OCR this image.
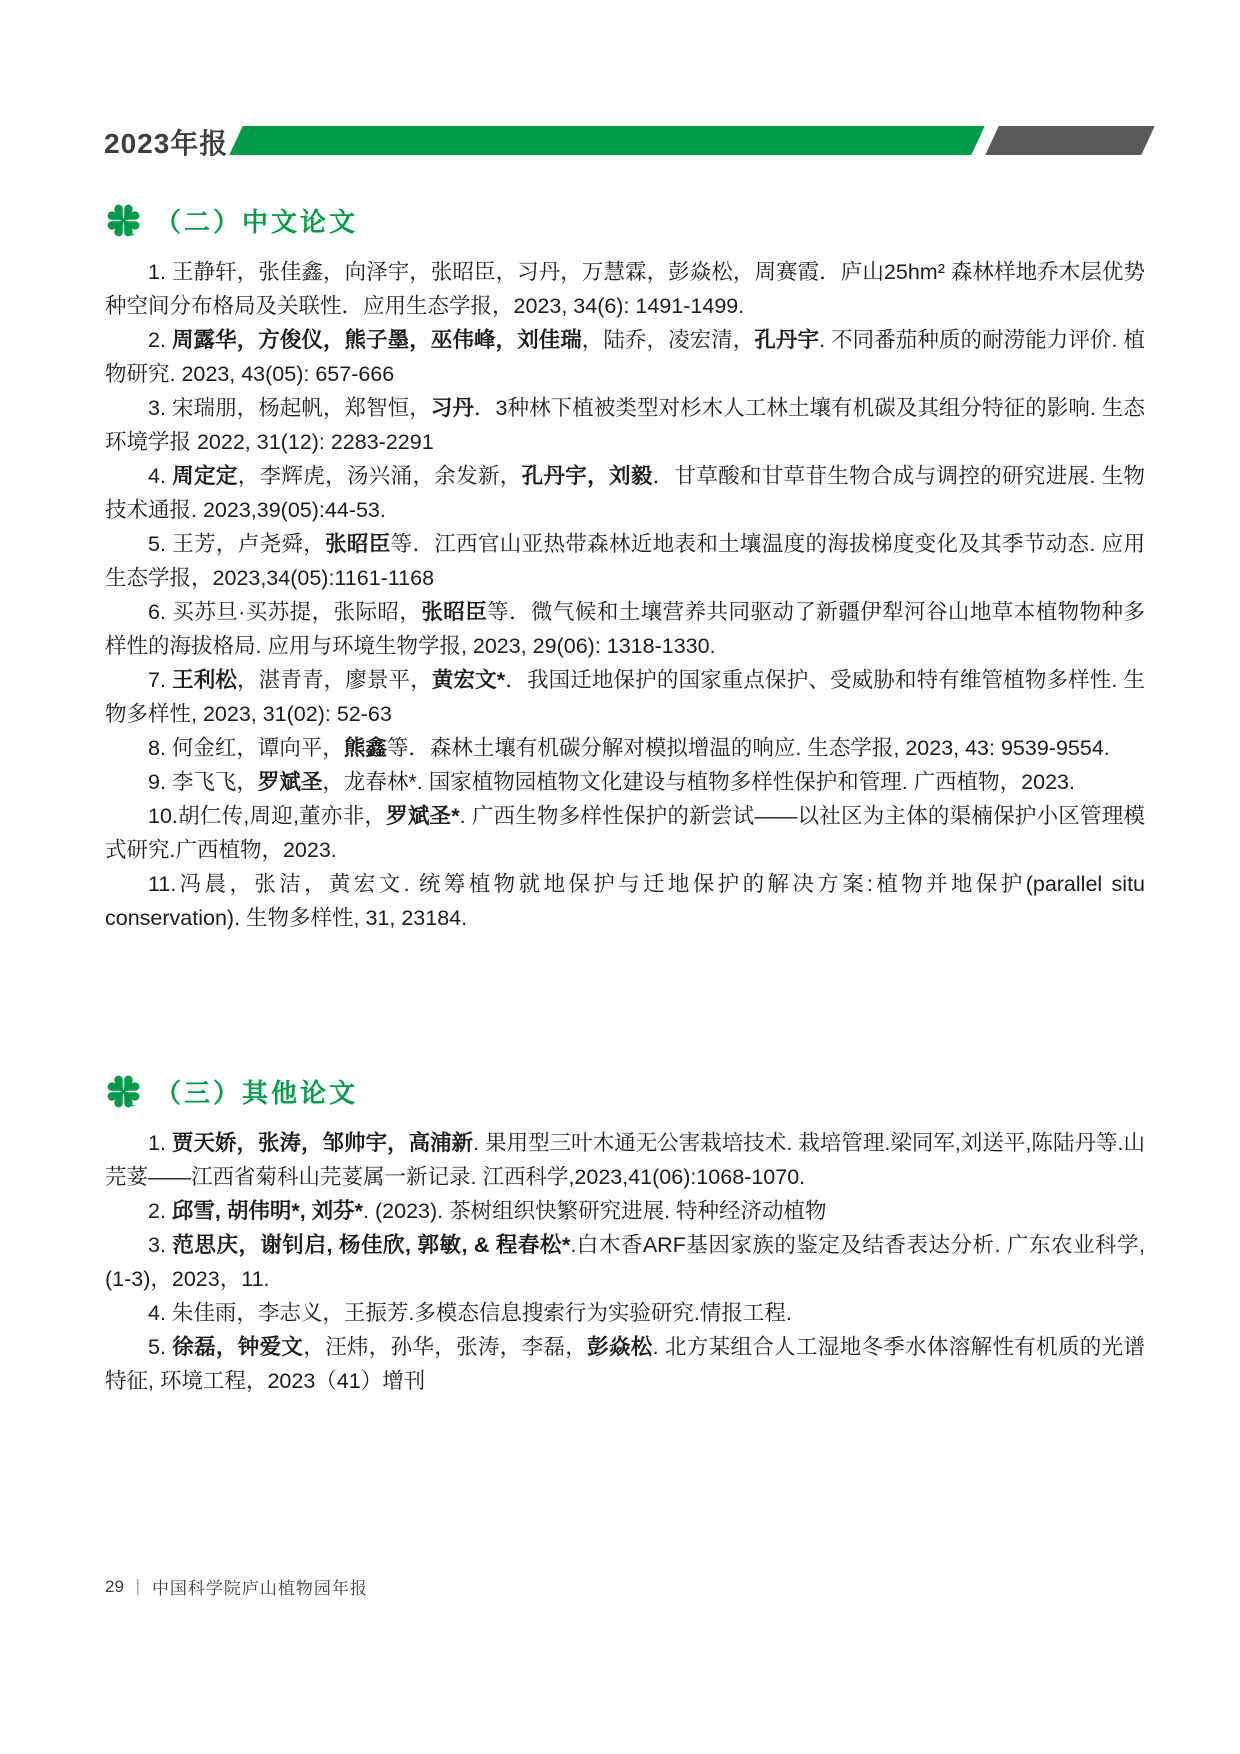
2023年报
（二）中文论文

1. 王静轩，张佳鑫，向泽宇，张昭臣，习丹，万慧霖，彭焱松，周赛霞．庐山25hm² 森林样地乔木层优势种空间分布格局及关联性．应用生态学报，2023, 34(6): 1491-1499.

2. 周露华，方俊仪，熊子墨，巫伟峰，刘佳瑞，陆乔，凌宏清，孔丹宇. 不同番茄种质的耐涝能力评价. 植物研究. 2023, 43(05): 657-666

3. 宋瑞朋，杨起帆，郑智恒，习丹．3种林下植被类型对杉木人工林土壤有机碳及其组分特征的影响. 生态环境学报 2022, 31(12): 2283-2291

4. 周定定，李辉虎，汤兴涌，余发新，孔丹宇，刘毅．甘草酸和甘草苷生物合成与调控的研究进展. 生物技术通报. 2023,39(05):44-53.

5. 王芳，卢尧舜，张昭臣等．江西官山亚热带森林近地表和土壤温度的海拔梯度变化及其季节动态. 应用生态学报，2023,34(05):1161-1168

6. 买苏旦·买苏提，张际昭，张昭臣等．微气候和土壤营养共同驱动了新疆伊犁河谷山地草本植物物种多样性的海拔格局. 应用与环境生物学报, 2023, 29(06): 1318-1330.

7. 王利松，湛青青，廖景平，黄宏文*．我国迁地保护的国家重点保护、受威胁和特有维管植物多样性. 生物多样性, 2023, 31(02): 52-63

8. 何金红，谭向平，熊鑫等．森林土壤有机碳分解对模拟增温的响应. 生态学报, 2023, 43: 9539-9554.

9. 李飞飞，罗斌圣，龙春林*. 国家植物园植物文化建设与植物多样性保护和管理. 广西植物，2023.

10.胡仁传,周迎,董亦非，罗斌圣*. 广西生物多样性保护的新尝试——以社区为主体的渠楠保护小区管理模式研究.广西植物，2023.

11.冯晨，张洁，黄宏文. 统筹植物就地保护与迁地保护的解决方案:植物并地保护(parallel situ conservation). 生物多样性, 31, 23184.

（三）其他论文

1. 贾天娇，张涛，邹帅宇，高浦新. 果用型三叶木通无公害栽培技术. 栽培管理.梁同军,刘送平,陈陆丹等.山芫荽——江西省菊科山芫荽属一新记录. 江西科学,2023,41(06):1068-1070.

2. 邱雪, 胡伟明*, 刘芬*. (2023). 茶树组织快繁研究进展. 特种经济动植物

3. 范思庆，谢钊启, 杨佳欣, 郭敏, & 程春松*.白木香ARF基因家族的鉴定及结香表达分析. 广东农业科学, (1-3)，2023，11.

4. 朱佳雨，李志义，王振芳.多模态信息搜索行为实验研究.情报工程.

5. 徐磊，钟爱文，汪炜，孙华，张涛，李磊，彭焱松. 北方某组合人工湿地冬季水体溶解性有机质的光谱特征, 环境工程，2023（41）增刊

29 ｜ 中国科学院庐山植物园年报
